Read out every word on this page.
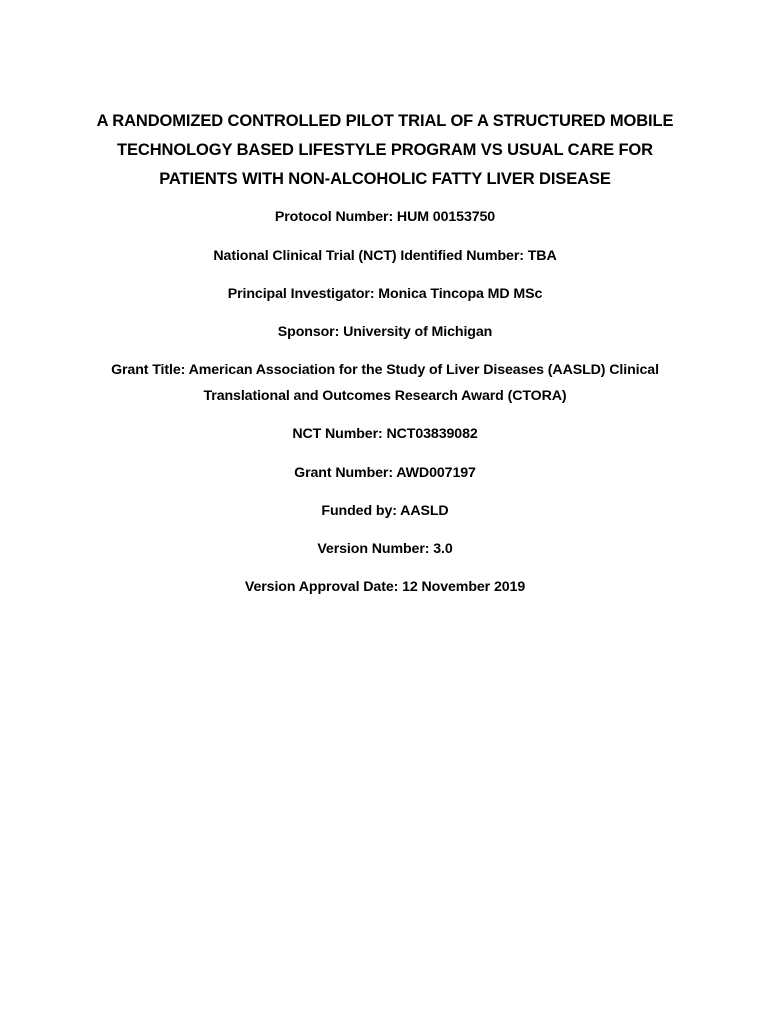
A RANDOMIZED CONTROLLED PILOT TRIAL OF A STRUCTURED MOBILE
TECHNOLOGY BASED LIFESTYLE PROGRAM VS USUAL CARE FOR
PATIENTS WITH NON-ALCOHOLIC FATTY LIVER DISEASE
Protocol Number: HUM 00153750
National Clinical Trial (NCT) Identified Number: TBA
Principal Investigator: Monica Tincopa MD MSc
Sponsor: University of Michigan
Grant Title: American Association for the Study of Liver Diseases (AASLD) Clinical
Translational and Outcomes Research Award (CTORA)
NCT Number: NCT03839082
Grant Number: AWD007197
Funded by: AASLD
Version Number: 3.0
Version Approval Date: 12 November 2019
